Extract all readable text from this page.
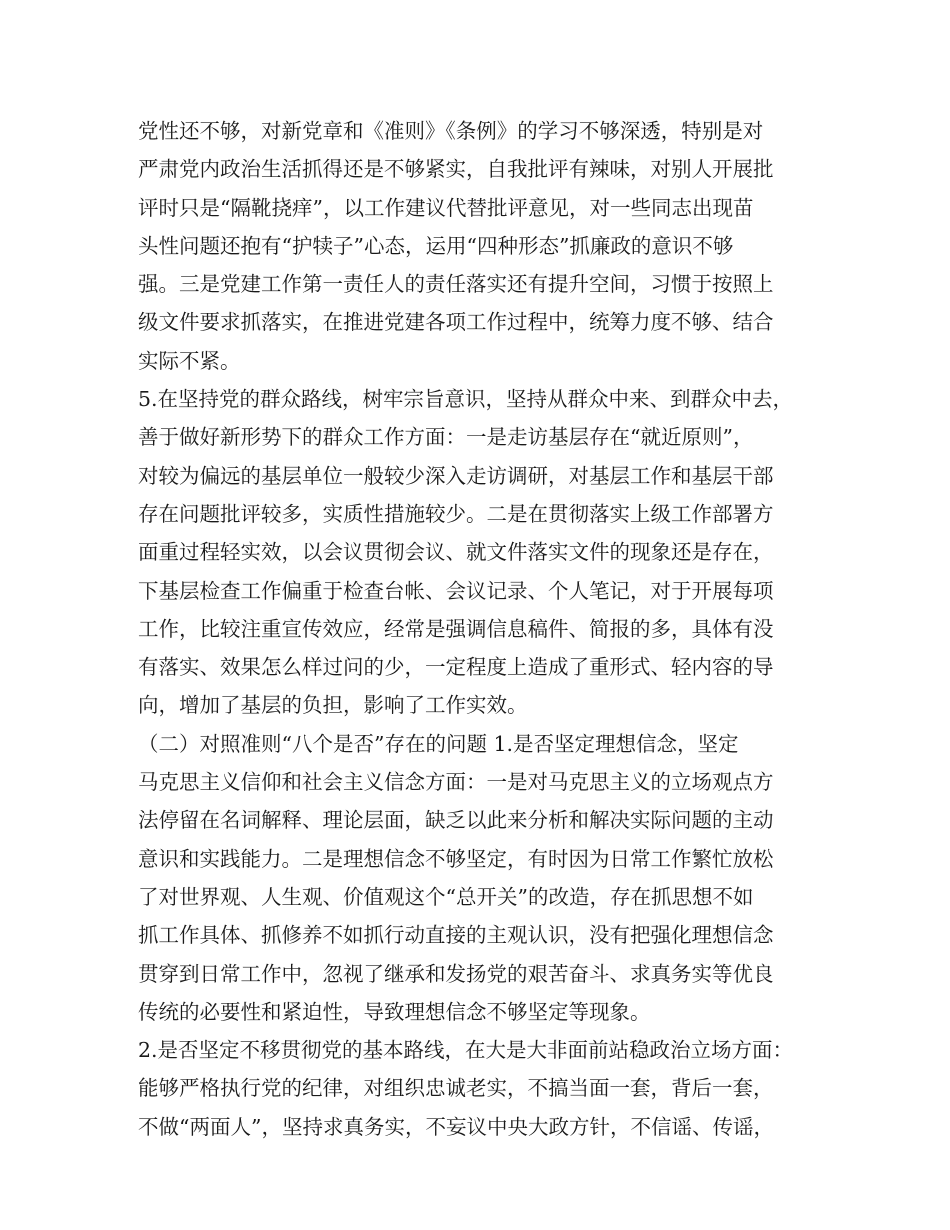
党性还不够，对新党章和《准则》《条例》的学习不够深透，特别是对
严肃党内政治生活抓得还是不够紧实，自我批评有辣味，对别人开展批
评时只是“隔靴挠痒”，以工作建议代替批评意见，对一些同志出现苗
头性问题还抱有“护犊子”心态，运用“四种形态”抓廉政的意识不够
强。三是党建工作第一责任人的责任落实还有提升空间，习惯于按照上
级文件要求抓落实，在推进党建各项工作过程中，统筹力度不够、结合
实际不紧。
5.在坚持党的群众路线，树牢宗旨意识，坚持从群众中来、到群众中去，
善于做好新形势下的群众工作方面：一是走访基层存在“就近原则”，
对较为偏远的基层单位一般较少深入走访调研，对基层工作和基层干部
存在问题批评较多，实质性措施较少。二是在贯彻落实上级工作部署方
面重过程轻实效，以会议贯彻会议、就文件落实文件的现象还是存在，
下基层检查工作偏重于检查台帐、会议记录、个人笔记，对于开展每项
工作，比较注重宣传效应，经常是强调信息稿件、简报的多，具体有没
有落实、效果怎么样过问的少，一定程度上造成了重形式、轻内容的导
向，增加了基层的负担，影响了工作实效。
（二）对照准则“八个是否”存在的问题 1.是否坚定理想信念，坚定
马克思主义信仰和社会主义信念方面：一是对马克思主义的立场观点方
法停留在名词解释、理论层面，缺乏以此来分析和解决实际问题的主动
意识和实践能力。二是理想信念不够坚定，有时因为日常工作繁忙放松
了对世界观、人生观、价值观这个“总开关”的改造，存在抓思想不如
抓工作具体、抓修养不如抓行动直接的主观认识，没有把强化理想信念
贯穿到日常工作中，忽视了继承和发扬党的艰苦奋斗、求真务实等优良
传统的必要性和紧迫性，导致理想信念不够坚定等现象。
2.是否坚定不移贯彻党的基本路线，在大是大非面前站稳政治立场方面：
能够严格执行党的纪律，对组织忠诚老实，不搞当面一套，背后一套，
不做“两面人”，坚持求真务实，不妄议中央大政方针，不信谣、传谣，
